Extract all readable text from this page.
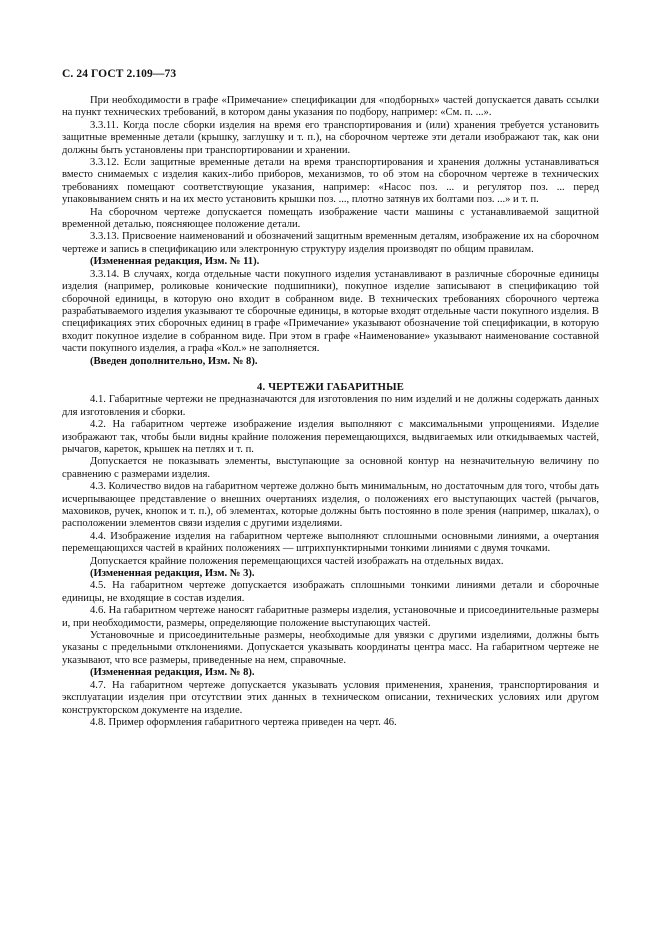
С. 24 ГОСТ 2.109—73

При необходимости в графе «Примечание» спецификации для «подборных» частей допускается давать ссылки на пункт технических требований, в котором даны указания по подбору, например: «См. п. ...».

3.3.11. Когда после сборки изделия на время его транспортирования и (или) хранения требуется установить защитные временные детали (крышку, заглушку и т. п.), на сборочном чертеже эти детали изображают так, как они должны быть установлены при транспортировании и хранении.

3.3.12. Если защитные временные детали на время транспортирования и хранения должны устанавливаться вместо снимаемых с изделия каких-либо приборов, механизмов, то об этом на сборочном чертеже в технических требованиях помещают соответствующие указания, например: «Насос поз. ... и регулятор поз. ... перед упаковыванием снять и на их место установить крышки поз. ..., плотно затянув их болтами поз. ...» и т. п.

На сборочном чертеже допускается помещать изображение части машины с устанавливаемой защитной временной деталью, поясняющее положение детали.

3.3.13. Присвоение наименований и обозначений защитным временным деталям, изображение их на сборочном чертеже и запись в спецификацию или электронную структуру изделия производят по общим правилам.

(Измененная редакция, Изм. № 11).

3.3.14. В случаях, когда отдельные части покупного изделия устанавливают в различные сборочные единицы изделия (например, роликовые конические подшипники), покупное изделие записывают в спецификацию той сборочной единицы, в которую оно входит в собранном виде. В технических требованиях сборочного чертежа разрабатываемого изделия указывают те сборочные единицы, в которые входят отдельные части покупного изделия. В спецификациях этих сборочных единиц в графе «Примечание» указывают обозначение той спецификации, в которую входит покупное изделие в собранном виде. При этом в графе «Наименование» указывают наименование составной части покупного изделия, а графа «Кол.» не заполняется.

(Введен дополнительно, Изм. № 8).

4. ЧЕРТЕЖИ ГАБАРИТНЫЕ

4.1. Габаритные чертежи не предназначаются для изготовления по ним изделий и не должны содержать данных для изготовления и сборки.

4.2. На габаритном чертеже изображение изделия выполняют с максимальными упрощениями. Изделие изображают так, чтобы были видны крайние положения перемещающихся, выдвигаемых или откидываемых частей, рычагов, кареток, крышек на петлях и т. п.

Допускается не показывать элементы, выступающие за основной контур на незначительную величину по сравнению с размерами изделия.

4.3. Количество видов на габаритном чертеже должно быть минимальным, но достаточным для того, чтобы дать исчерпывающее представление о внешних очертаниях изделия, о положениях его выступающих частей (рычагов, маховиков, ручек, кнопок и т. п.), об элементах, которые должны быть постоянно в поле зрения (например, шкалах), о расположении элементов связи изделия с другими изделиями.

4.4. Изображение изделия на габаритном чертеже выполняют сплошными основными линиями, а очертания перемещающихся частей в крайних положениях — штрихпунктирными тонкими линиями с двумя точками.

Допускается крайние положения перемещающихся частей изображать на отдельных видах.

(Измененная редакция, Изм. № 3).

4.5. На габаритном чертеже допускается изображать сплошными тонкими линиями детали и сборочные единицы, не входящие в состав изделия.

4.6. На габаритном чертеже наносят габаритные размеры изделия, установочные и присоединительные размеры и, при необходимости, размеры, определяющие положение выступающих частей.

Установочные и присоединительные размеры, необходимые для увязки с другими изделиями, должны быть указаны с предельными отклонениями. Допускается указывать координаты центра масс. На габаритном чертеже не указывают, что все размеры, приведенные на нем, справочные.

(Измененная редакция, Изм. № 8).

4.7. На габаритном чертеже допускается указывать условия применения, хранения, транспортирования и эксплуатации изделия при отсутствии этих данных в техническом описании, технических условиях или другом конструкторском документе на изделие.

4.8. Пример оформления габаритного чертежа приведен на черт. 46.
